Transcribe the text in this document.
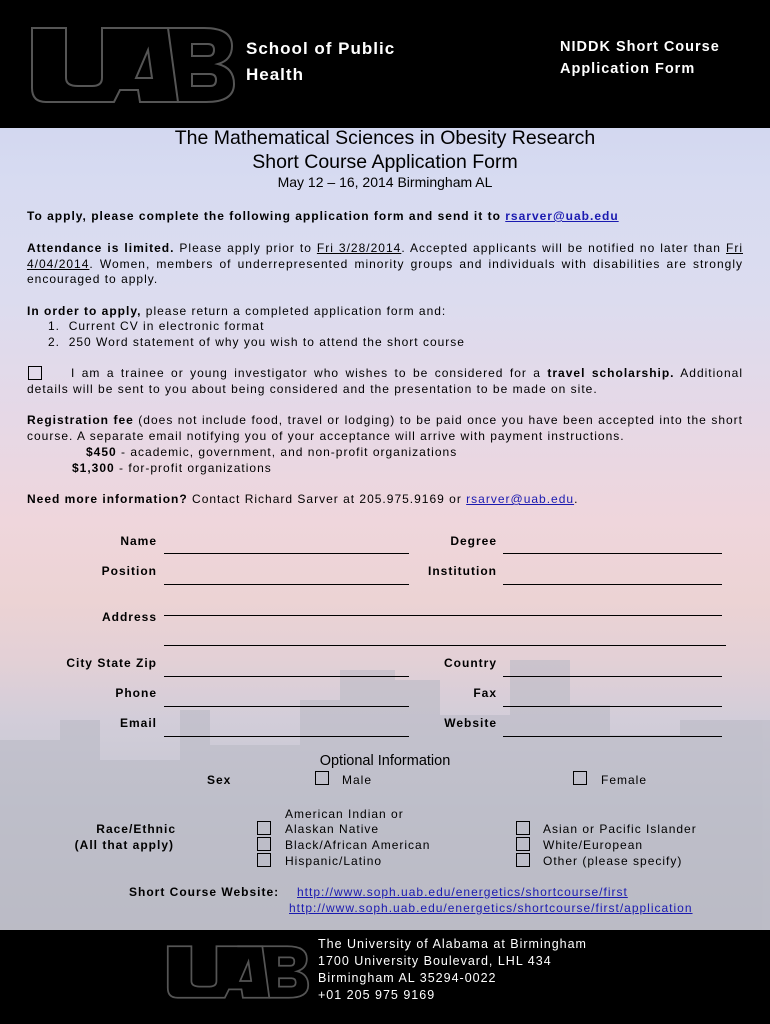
School of Public
Health
NIDDK Short Course
Application Form
The Mathematical Sciences in Obesity Research
Short Course Application Form
May 12 – 16, 2014 Birmingham AL
To apply, please complete the following application form and send it to rsarver@uab.edu
Attendance is limited. Please apply prior to Fri 3/28/2014. Accepted applicants will be notified no later than Fri 4/04/2014. Women, members of underrepresented minority groups and individuals with disabilities are strongly encouraged to apply.
In order to apply, please return a completed application form and:
1.  Current CV in electronic format
2.  250 Word statement of why you wish to attend the short course
I am a trainee or young investigator who wishes to be considered for a travel scholarship. Additional details will be sent to you about being considered and the presentation to be made on site.
Registration fee (does not include food, travel or lodging) to be paid once you have been accepted into the short course. A separate email notifying you of your acceptance will arrive with payment instructions.
$450 - academic, government, and non-profit organizations
$1,300 - for-profit organizations
Need more information? Contact Richard Sarver at 205.975.9169 or rsarver@uab.edu.
Name	Degree
Position	Institution
Address
City State Zip	Country
Phone	Fax
Email	Website
Optional Information
Sex	Male	Female
Race/Ethnic
(All that apply)
American Indian or
Alaskan Native
Black/African American
Hispanic/Latino
Asian or Pacific Islander
White/European
Other (please specify)
Short Course Website: http://www.soph.uab.edu/energetics/shortcourse/first
http://www.soph.uab.edu/energetics/shortcourse/first/application
The University of Alabama at Birmingham
1700 University Boulevard, LHL 434
Birmingham AL 35294-0022
+01 205 975 9169
